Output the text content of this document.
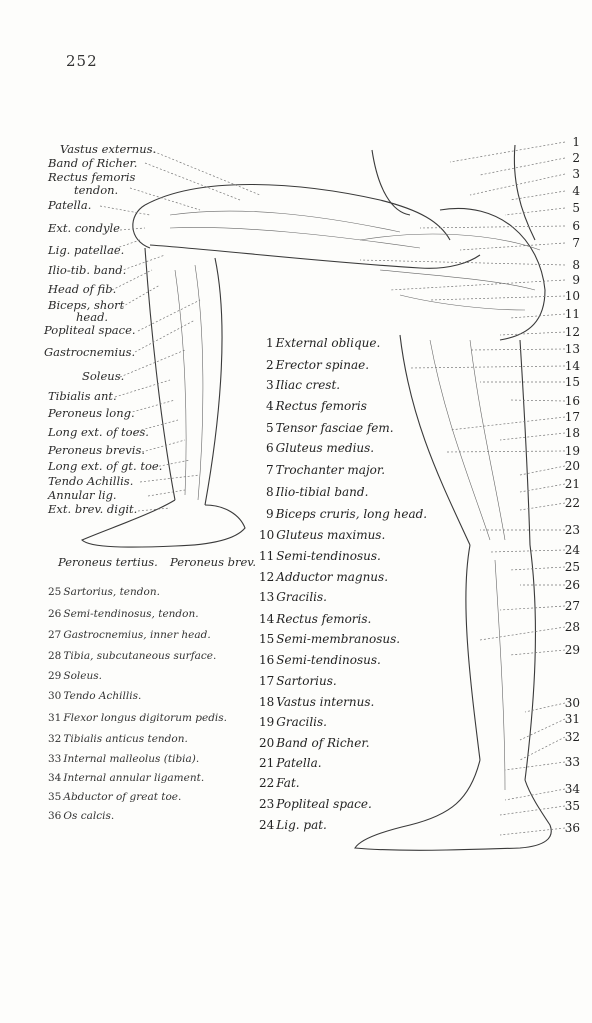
252
Vastus externus.
Band of Richer.
Rectus femoris
tendon.
Patella.
Ext. condyle
Lig. patellae.
Ilio-tib. band.
Head of fib.
Biceps, short
head.
Popliteal space.
Gastrocnemius.
Soleus.
Tibialis ant.
Peroneus long.
Long ext. of toes.
Peroneus brevis.
Long ext. of gt. toe.
Tendo Achillis.
Annular lig.
Ext. brev. digit.
Peroneus tertius. Peroneus brev.
1 External oblique.
2 Erector spinae.
3 Iliac crest.
4 Rectus femoris
5 Tensor fasciae fem.
6 Gluteus medius.
7 Trochanter major.
8 Ilio-tibial band.
9 Biceps cruris, long head.
10 Gluteus maximus.
11 Semi-tendinosus.
12 Adductor magnus.
13 Gracilis.
14 Rectus femoris.
15 Semi-membranosus.
16 Semi-tendinosus.
17 Sartorius.
18 Vastus internus.
19 Gracilis.
20 Band of Richer.
21 Patella.
22 Fat.
23 Popliteal space.
24 Lig. pat.
25 Sartorius, tendon.
26 Semi-tendinosus, tendon.
27 Gastrocnemius, inner head.
28 Tibia, subcutaneous surface.
29 Soleus.
30 Tendo Achillis.
31 Flexor longus digitorum pedis.
32 Tibialis anticus tendon.
33 Internal malleolus (tibia).
34 Internal annular ligament.
35 Abductor of great toe.
36 Os calcis.
1
2
3
4
5
6
7
8
9
10
11
12
13
14
15
16
17
18
19
20
21
22
23
24
25
26
27
28
29
30
31
32
33
34
35
36
